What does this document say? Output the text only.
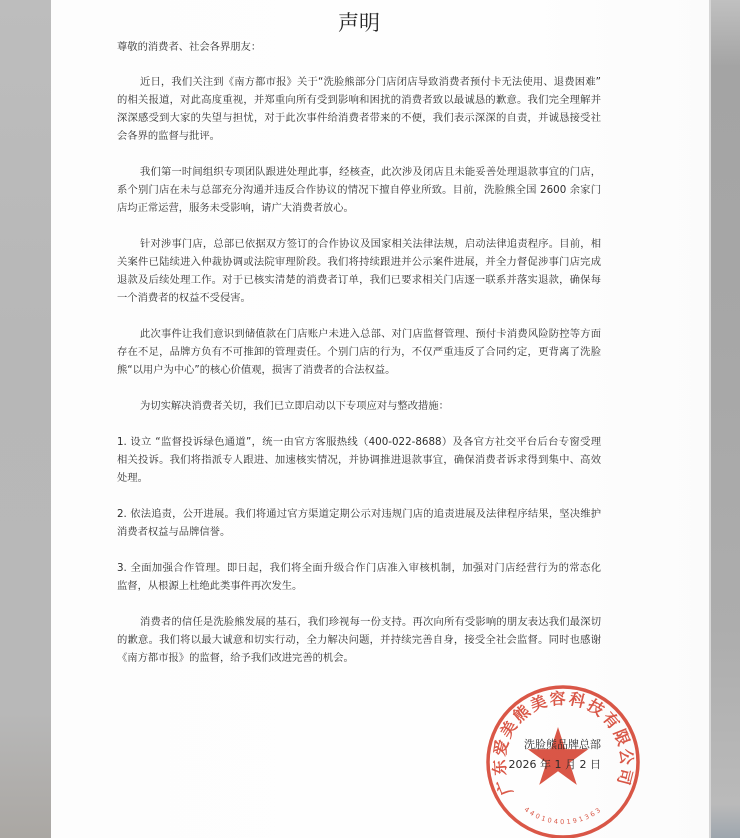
声明
尊敬的消费者、社会各界朋友：
近日，我们关注到《南方都市报》关于“洗脸熊部分门店闭店导致消费者预付卡无法使用、退费困难”
的相关报道，对此高度重视，并郑重向所有受到影响和困扰的消费者致以最诚恳的歉意。我们完全理解并
深深感受到大家的失望与担忧，对于此次事件给消费者带来的不便，我们表示深深的自责，并诚恳接受社
会各界的监督与批评。
我们第一时间组织专项团队跟进处理此事，经核查，此次涉及闭店且未能妥善处理退款事宜的门店，
系个别门店在未与总部充分沟通并违反合作协议的情况下擅自停业所致。目前，洗脸熊全国 2600 余家门
店均正常运营，服务未受影响，请广大消费者放心。
针对涉事门店，总部已依据双方签订的合作协议及国家相关法律法规，启动法律追责程序。目前，相
关案件已陆续进入仲裁协调或法院审理阶段。我们将持续跟进并公示案件进展，并全力督促涉事门店完成
退款及后续处理工作。对于已核实清楚的消费者订单，我们已要求相关门店逐一联系并落实退款，确保每
一个消费者的权益不受侵害。
此次事件让我们意识到储值款在门店账户未进入总部、对门店监督管理、预付卡消费风险防控等方面
存在不足，品牌方负有不可推卸的管理责任。个别门店的行为，不仅严重违反了合同约定，更背离了洗脸
熊“以用户为中心”的核心价值观，损害了消费者的合法权益。
为切实解决消费者关切，我们已立即启动以下专项应对与整改措施：
1. 设立 “监督投诉绿色通道”，统一由官方客服热线（400-022-8688）及各官方社交平台后台专窗受理
相关投诉。我们将指派专人跟进、加速核实情况，并协调推进退款事宜，确保消费者诉求得到集中、高效
处理。
2. 依法追责，公开进展。我们将通过官方渠道定期公示对违规门店的追责进展及法律程序结果，坚决维护
消费者权益与品牌信誉。
3. 全面加强合作管理。即日起，我们将全面升级合作门店准入审核机制，加强对门店经营行为的常态化
监督，从根源上杜绝此类事件再次发生。
消费者的信任是洗脸熊发展的基石，我们珍视每一份支持。再次向所有受影响的朋友表达我们最深切
的歉意。我们将以最大诚意和切实行动，全力解决问题，并持续完善自身，接受全社会监督。同时也感谢
《南方都市报》的监督，给予我们改进完善的机会。
广东爱美熊美容科技有限公司
4401040191363
洗脸熊品牌总部
2026 年 1 月 2 日
